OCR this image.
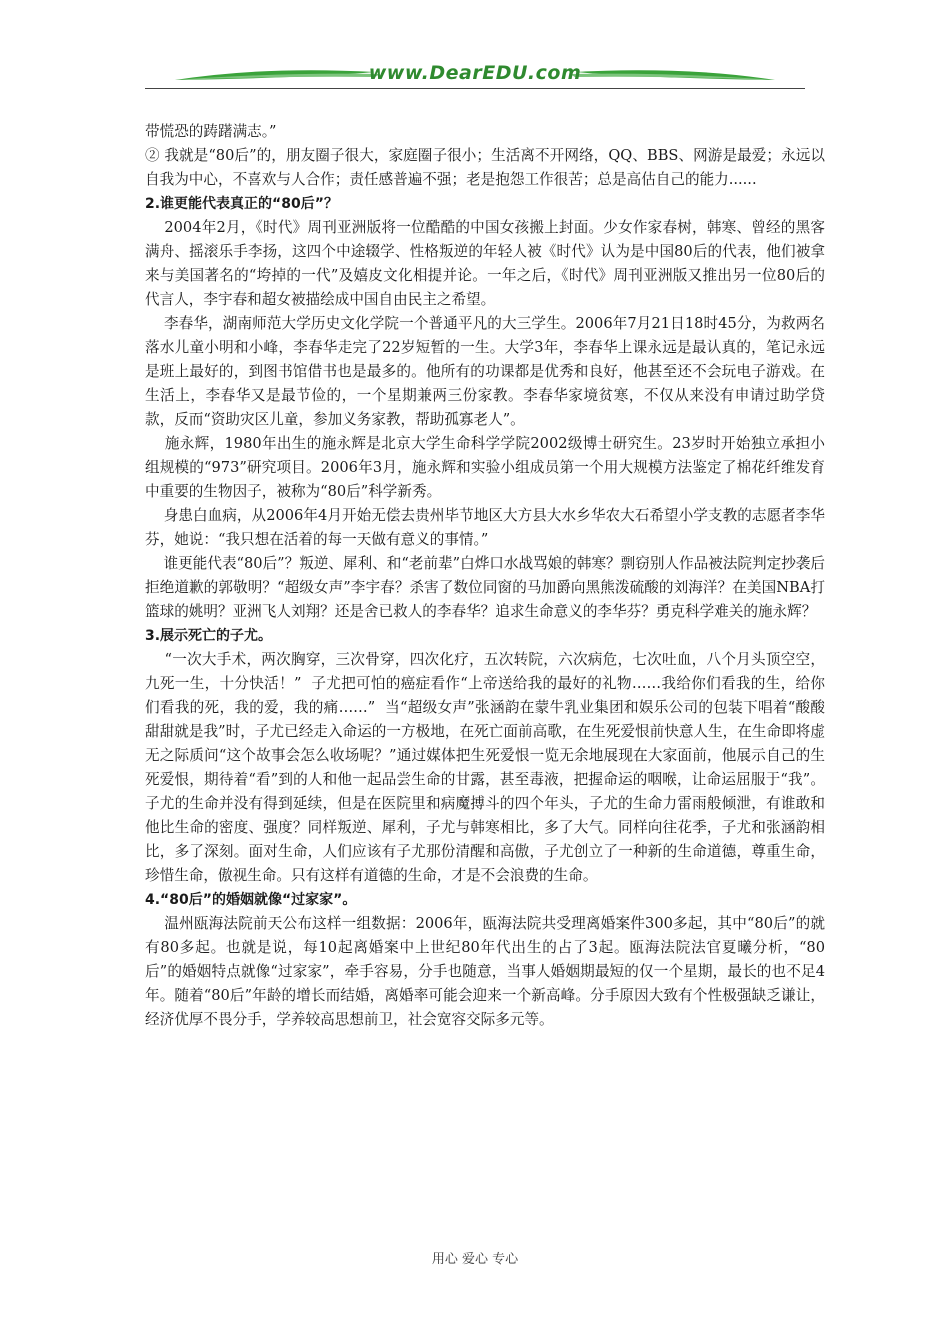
www.DearEDU.com

带慌恐的踌躇满志。”

② 我就是“80后”的，朋友圈子很大，家庭圈子很小；生活离不开网络，QQ、BBS、网游是最爱；永远以自我为中心，不喜欢与人合作；责任感普遍不强；老是抱怨工作很苦；总是高估自己的能力......

2.谁更能代表真正的“80后”？

2004年2月，《时代》周刊亚洲版将一位酷酷的中国女孩搬上封面。少女作家春树，韩寒、曾经的黑客满舟、摇滚乐手李扬，这四个中途辍学、性格叛逆的年轻人被《时代》认为是中国80后的代表，他们被拿来与美国著名的“垮掉的一代”及嬉皮文化相提并论。一年之后，《时代》周刊亚洲版又推出另一位80后的代言人，李宇春和超女被描绘成中国自由民主之希望。

李春华，湖南师范大学历史文化学院一个普通平凡的大三学生。2006年7月21日18时45分，为救两名落水儿童小明和小峰，李春华走完了22岁短暂的一生。大学3年，李春华上课永远是最认真的，笔记永远是班上最好的，到图书馆借书也是最多的。他所有的功课都是优秀和良好，他甚至还不会玩电子游戏。在生活上，李春华又是最节俭的，一个星期兼两三份家教。李春华家境贫寒，不仅从来没有申请过助学贷款，反而“资助灾区儿童，参加义务家教，帮助孤寡老人”。

施永辉，1980年出生的施永辉是北京大学生命科学学院2002级博士研究生。23岁时开始独立承担小组规模的“973”研究项目。2006年3月，施永辉和实验小组成员第一个用大规模方法鉴定了棉花纤维发育中重要的生物因子，被称为“80后”科学新秀。

身患白血病，从2006年4月开始无偿去贵州毕节地区大方县大水乡华农大石希望小学支教的志愿者李华芬，她说：“我只想在活着的每一天做有意义的事情。”

谁更能代表“80后”？叛逆、犀利、和“老前辈”白烨口水战骂娘的韩寒？剽窃别人作品被法院判定抄袭后拒绝道歉的郭敬明？“超级女声”李宇春？杀害了数位同窗的马加爵向黑熊泼硫酸的刘海洋？在美国NBA打篮球的姚明？亚洲飞人刘翔？还是舍已救人的李春华？追求生命意义的李华芬？勇克科学难关的施永辉？

3.展示死亡的子尤。

“一次大手术，两次胸穿，三次骨穿，四次化疗，五次转院，六次病危，七次吐血，八个月头顶空空，九死一生，十分快活！”  子尤把可怕的癌症看作“上帝送给我的最好的礼物……我给你们看我的生，给你们看我的死，我的爱，我的痛……”  当“超级女声”张涵韵在蒙牛乳业集团和娱乐公司的包装下唱着“酸酸甜甜就是我”时，子尤已经走入命运的一方极地，在死亡面前高歌，在生死爱恨前快意人生，在生命即将虚无之际质问“这个故事会怎么收场呢？”通过媒体把生死爱恨一览无余地展现在大家面前，他展示自己的生死爱恨，期待着“看”到的人和他一起品尝生命的甘露，甚至毒液，把握命运的咽喉，让命运屈服于“我”。子尤的生命并没有得到延续，但是在医院里和病魔搏斗的四个年头，子尤的生命力雷雨般倾泄，有谁敢和他比生命的密度、强度？同样叛逆、犀利，子尤与韩寒相比，多了大气。同样向往花季，子尤和张涵韵相比，多了深刻。面对生命，人们应该有子尤那份清醒和高傲，子尤创立了一种新的生命道德，尊重生命，珍惜生命，傲视生命。只有这样有道德的生命，才是不会浪费的生命。

4.“80后”的婚姻就像“过家家”。

温州瓯海法院前天公布这样一组数据：2006年，瓯海法院共受理离婚案件300多起，其中“80后”的就有80多起。也就是说，每10起离婚案中上世纪80年代出生的占了3起。瓯海法院法官夏曦分析，“80后”的婚姻特点就像“过家家”，牵手容易，分手也随意，当事人婚姻期最短的仅一个星期，最长的也不足4年。随着“80后”年龄的增长而结婚，离婚率可能会迎来一个新高峰。分手原因大致有个性极强缺乏谦让，经济优厚不畏分手，学养较高思想前卫，社会宽容交际多元等。

用心 爱心 专心
